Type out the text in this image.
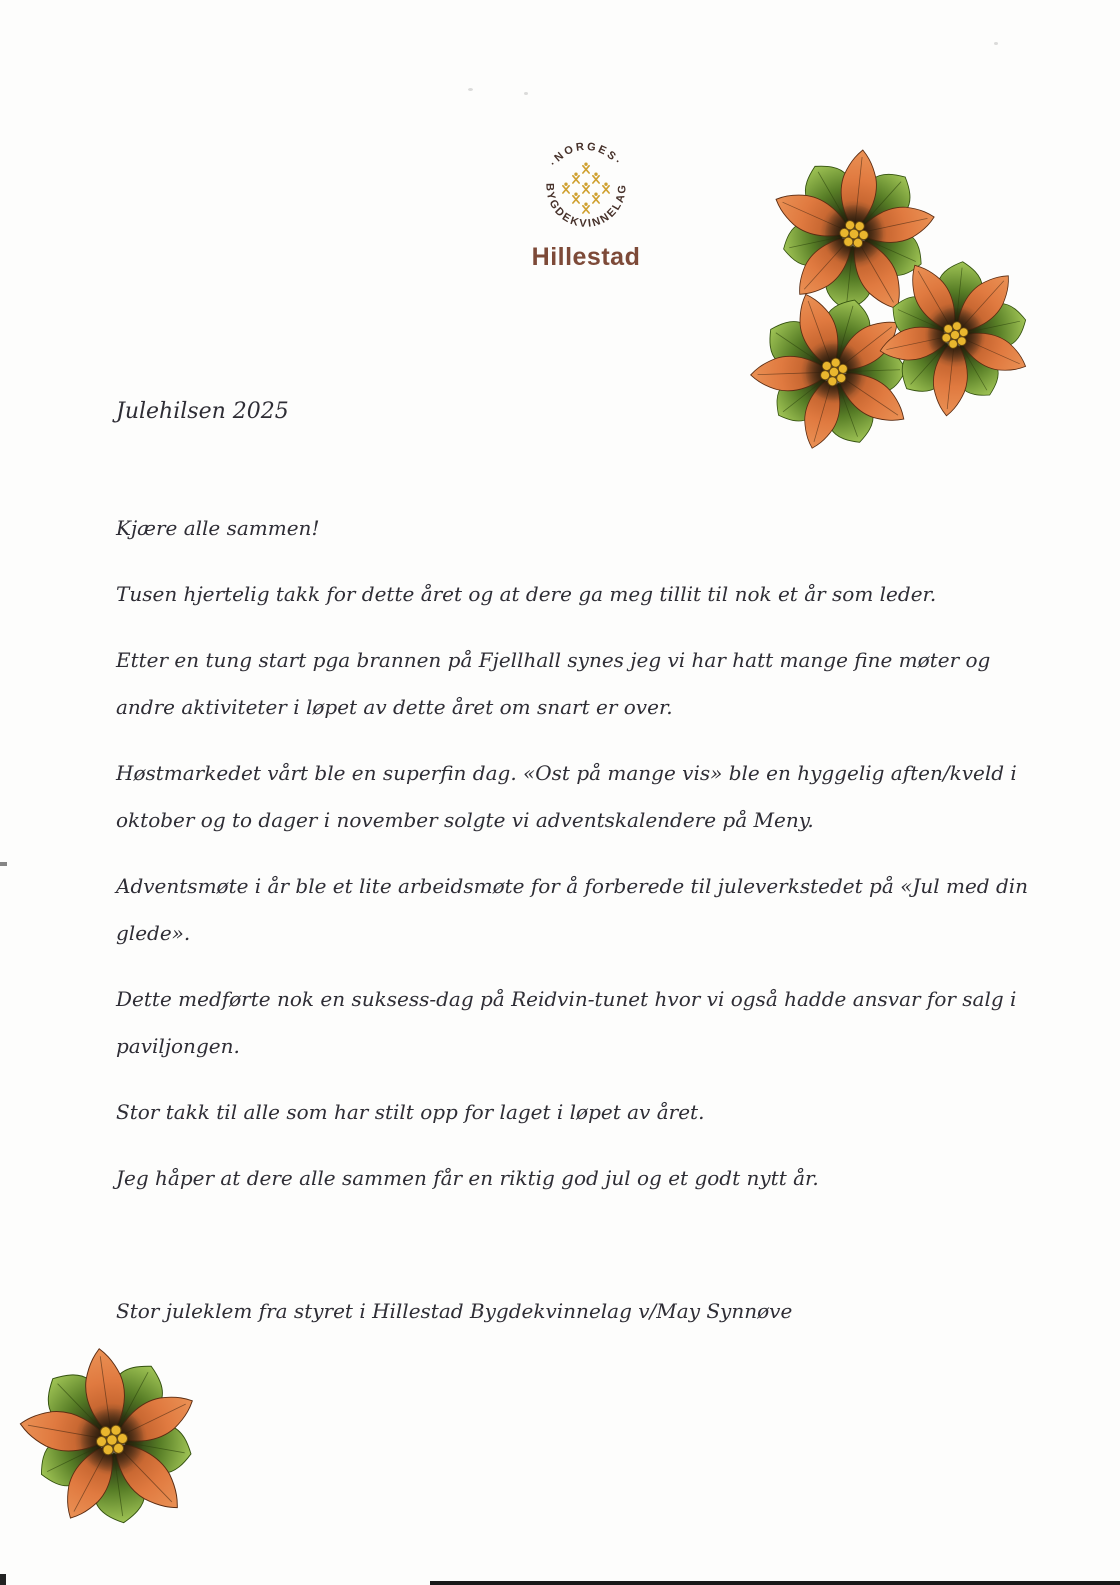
·NORGES·
BYGDEKVINNELAG
Hillestad

Julehilsen 2025

Kjære alle sammen!

Tusen hjertelig takk for dette året og at dere ga meg tillit til nok et år som leder.

Etter en tung start pga brannen på Fjellhall synes jeg vi har hatt mange fine møter og andre aktiviteter i løpet av dette året om snart er over.

Høstmarkedet vårt ble en superfin dag. «Ost på mange vis» ble en hyggelig aften/kveld i oktober og to dager i november solgte vi adventskalendere på Meny.

Adventsmøte i år ble et lite arbeidsmøte for å forberede til juleverkstedet på «Jul med din glede».

Dette medførte nok en suksess-dag på Reidvin-tunet hvor vi også hadde ansvar for salg i paviljongen.

Stor takk til alle som har stilt opp for laget i løpet av året.

Jeg håper at dere alle sammen får en riktig god jul og et godt nytt år.

Stor juleklem fra styret i Hillestad Bygdekvinnelag v/May Synnøve
